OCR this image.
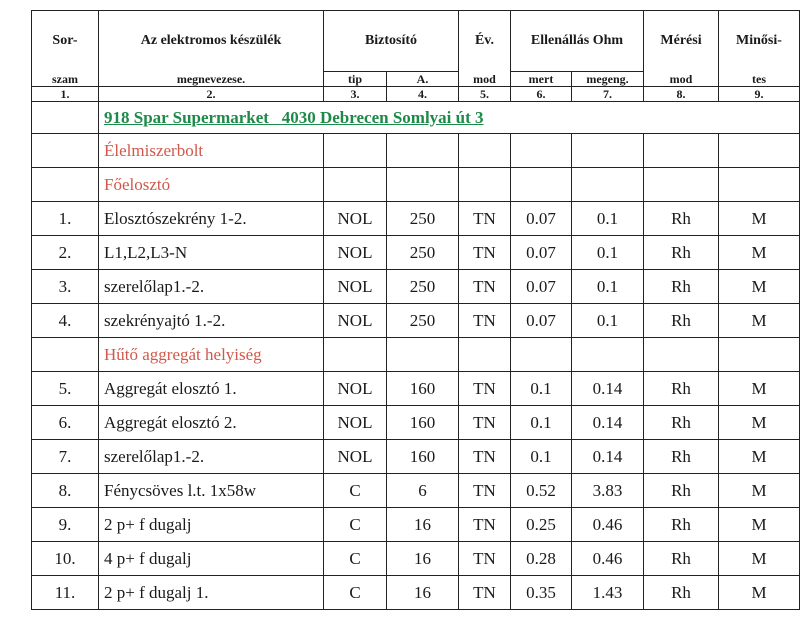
Sor-	Az elektromos készülék	Biztosító		Év.	Ellenállás Ohm		Mérési	Minősi-
szam	megnevezese.	tip	A.	mod	mert	megeng.	mod	tes
1.	2.	3.	4.	5.	6.	7.	8.	9.
	918 Spar Supermarket   4030 Debrecen Somlyai út 3							
	Élelmiszerbolt							
	Főelosztó							
1.	Elosztószekrény 1-2.	NOL	250	TN	0.07	0.1	Rh	M
2.	L1,L2,L3-N	NOL	250	TN	0.07	0.1	Rh	M
3.	szerelőlap1.-2.	NOL	250	TN	0.07	0.1	Rh	M
4.	szekrényajtó 1.-2.	NOL	250	TN	0.07	0.1	Rh	M
	Hűtő aggregát helyiség							
5.	Aggregát elosztó 1.	NOL	160	TN	0.1	0.14	Rh	M
6.	Aggregát elosztó 2.	NOL	160	TN	0.1	0.14	Rh	M
7.	szerelőlap1.-2.	NOL	160	TN	0.1	0.14	Rh	M
8.	Fénycsöves l.t. 1x58w	C	6	TN	0.52	3.83	Rh	M
9.	2 p+ f dugalj	C	16	TN	0.25	0.46	Rh	M
10.	4 p+ f dugalj	C	16	TN	0.28	0.46	Rh	M
11.	2 p+ f dugalj 1.	C	16	TN	0.35	1.43	Rh	M
